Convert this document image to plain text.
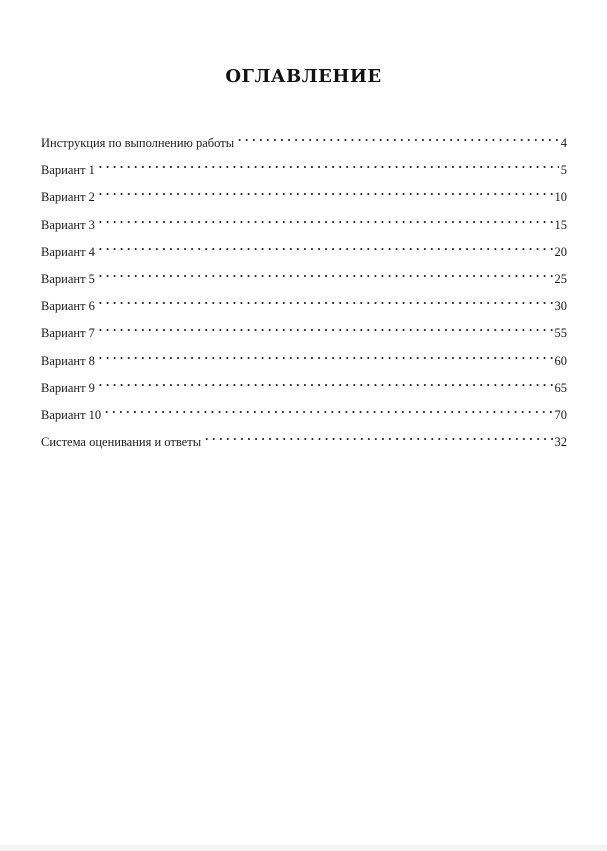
ОГЛАВЛЕНИЕ
Инструкция по выполнению работы . . .	4
Вариант 1 . . .	5
Вариант 2 . . .	10
Вариант 3 . . .	15
Вариант 4 . . .	20
Вариант 5 . . .	25
Вариант 6 . . .	30
Вариант 7 . . .	55
Вариант 8 . . .	60
Вариант 9 . . .	65
Вариант 10 . . .	70
Система оценивания и ответы . . .	32
